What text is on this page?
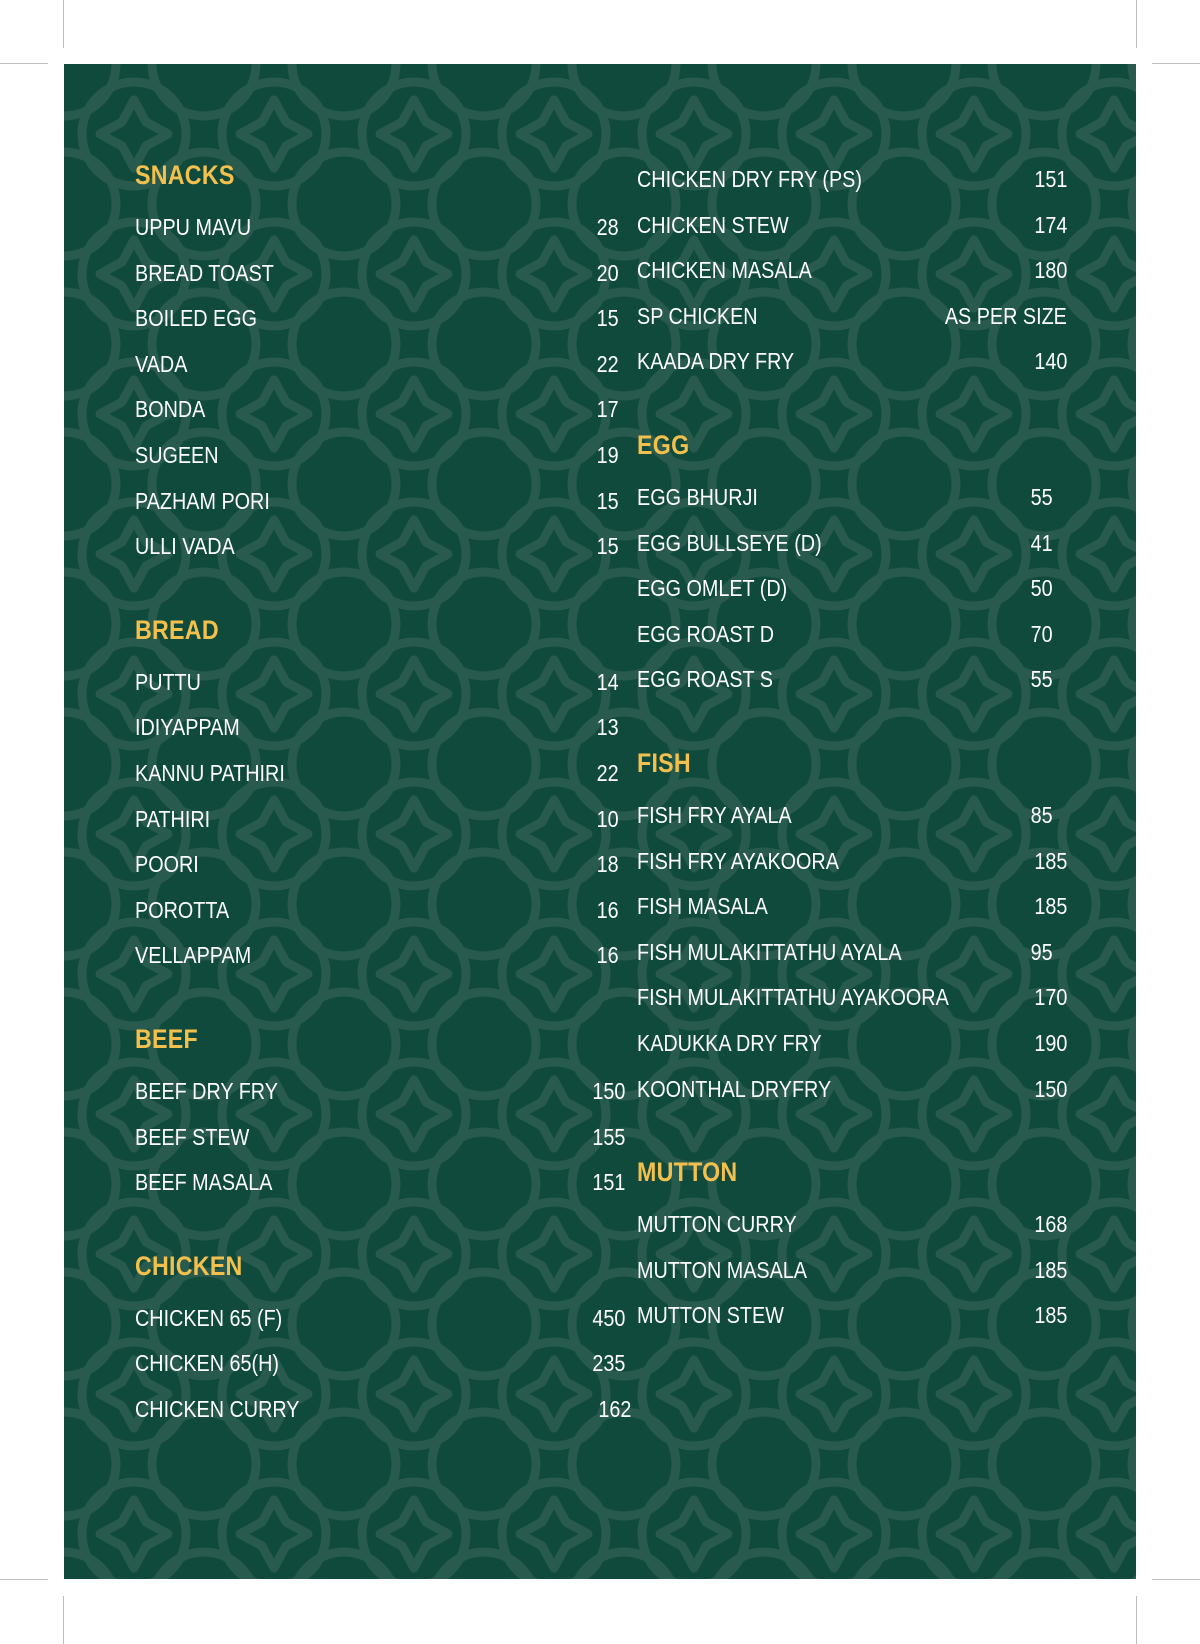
SNACKS
UPPU MAVU	28
BREAD TOAST	20
BOILED EGG	15
VADA	22
BONDA	17
SUGEEN	19
PAZHAM PORI	15
ULLI VADA	15
BREAD
PUTTU	14
IDIYAPPAM	13
KANNU PATHIRI	22
PATHIRI	10
POORI	18
POROTTA	16
VELLAPPAM	16
BEEF
BEEF DRY FRY	150
BEEF STEW	155
BEEF MASALA	151
CHICKEN
CHICKEN 65 (F)	450
CHICKEN 65(H)	235
CHICKEN CURRY	162
CHICKEN DRY FRY (PS)	151
CHICKEN STEW	174
CHICKEN MASALA	180
SP CHICKEN	AS PER SIZE
KAADA DRY FRY	140
EGG
EGG BHURJI	55
EGG BULLSEYE (D)	41
EGG OMLET (D)	50
EGG ROAST D	70
EGG ROAST S	55
FISH
FISH FRY AYALA	85
FISH FRY AYAKOORA	185
FISH MASALA	185
FISH MULAKITTATHU AYALA	95
FISH MULAKITTATHU AYAKOORA	170
KADUKKA DRY FRY	190
KOONTHAL DRYFRY	150
MUTTON
MUTTON CURRY	168
MUTTON MASALA	185
MUTTON STEW	185
